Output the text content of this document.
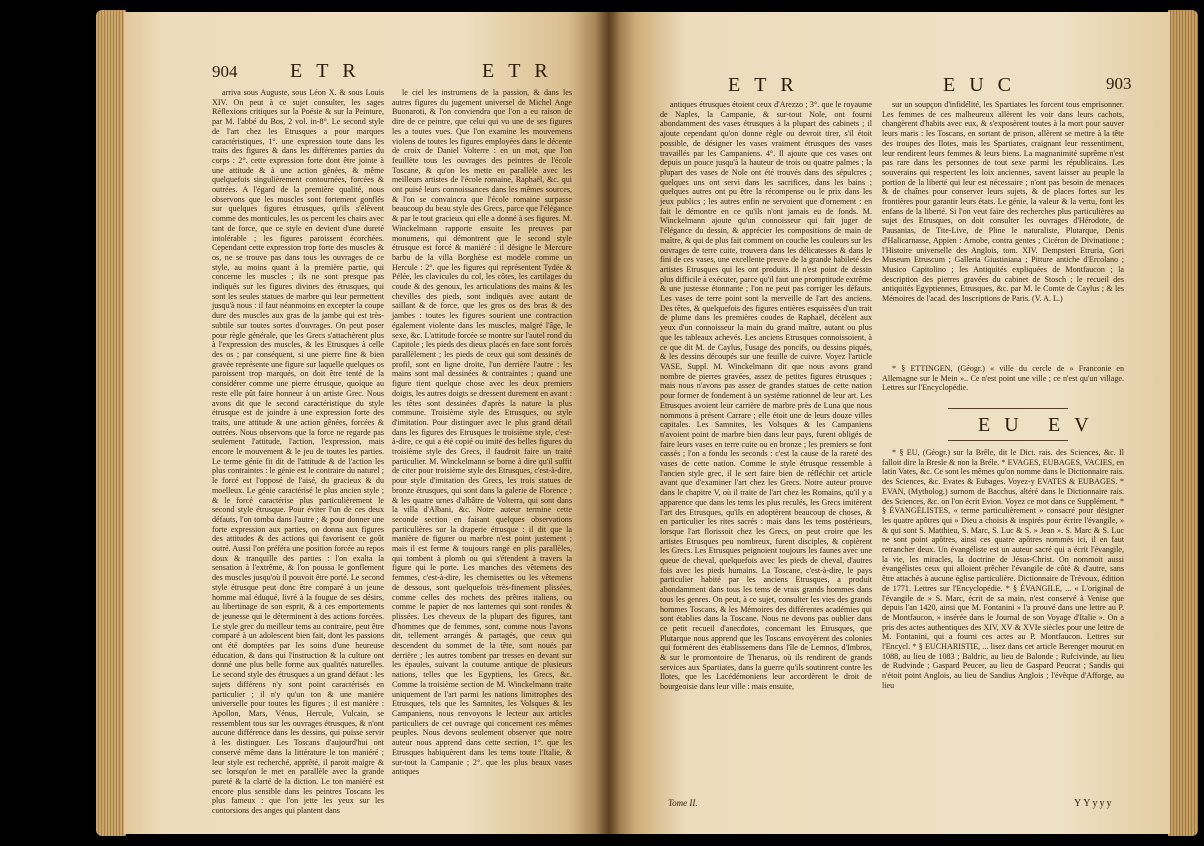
904	ETR	ETR

arriva sous Auguste, sous Léon X. & sous Louis XIV. On peut à ce sujet consulter, les sages Réflexions critiques sur la Poésie & sur la Peinture, par M. l'abbé du Bos, 2 vol. in-8°. Le second style de l'art chez les Etrusques a pour marques caractéristiques, 1°. une expression toute dans les traits des figures & dans les différentes parties du corps : 2°. cette expression forte dont être jointe à une attitude & à une action gênées, & même quelquefois singulièrement contournées, forcées & outrées. A l'égard de la première qualité, nous observons que les muscles sont fortement gonflés sur quelques figures étrusques, qu'ils s'élèvent comme des monticules, les os percent les chairs avec tant de force, que ce style en devient d'une dureté intolérable ; les figures paroissent écorchées. Cependant cette expression trop forte des muscles & os, ne se trouve pas dans tous les ouvrages de ce style, au moins quant à la première partie, qui concerne les muscles ; ils ne sont presque pas indiqués sur les figures divines des étrusques, qui sont les seules statues de marbre qui leur permettent jusqu'à nous : il faut néanmoins en excepter la coupe dure des muscles aux gras de la jambe qui est très-subtile sur toutes sortes d'ouvrages. On peut poser pour règle générale, que les Grecs s'attachèrent plus à l'expression des muscles, & les Etrusques à celle des os ; par conséquent, si une pierre fine & bien gravée représente une figure sur laquelle quelques os paroissent trop marqués, on doit être tenté de la considérer comme une pierre étrusque, quoique au reste elle pût faire honneur à un artiste Grec. Nous avons dit que le second caractéristique du style étrusque est de joindre à une expression forte des traits, une attitude & une action gênées, forcées & outrées. Nous observons que la force ne regarde pas seulement l'attitude, l'action, l'expression, mais encore le mouvement & le jeu de toutes les parties. Le terme génie fit dit de l'attitude & de l'action les plus contraintes : le génie est le contraire du naturel ; le forcé est l'opposé de l'aisé, du gracieux & du moelleux. Le génie caractérisé le plus ancien style ; & le forcé caractérise plus particulièrement le second style étrusque. Pour éviter l'un de ces deux défauts, l'on tomba dans l'autre ; & pour donner une forte expression aux parties, on donna aux figures des attitudes & des actions qui favorisent ce goût outré. Aussi l'on préféra une position forcée au repos doux & tranquille des parties : l'on exalta la sensation à l'extrême, & l'on poussa le gonflement des muscles jusqu'où il pouvoit être porté. Le second style étrusque peut donc être comparé à un jeune homme mal éduqué, livré à la fougue de ses désirs, au libertinage de son esprit, & à ces emportements de jeunesse qui le déterminent à des actions forcées. Le style grec du meilleur tems au contraire, peut être comparé à un adolescent bien fait, dont les passions ont été domptées par les soins d'une heureuse éducation, & dans qui l'instruction & la culture ont donné une plus belle forme aux qualités naturelles. Le second style des étrusques a un grand défaut : les sujets différens n'y sont point caractérisés en particulier ; il n'y qu'un ton & une manière universelle pour toutes les figures ; il est manière : Apollon, Mars, Vénus, Hercule, Vulcain, se ressemblent tous sur les ouvrages étrusques, & n'ont aucune différence dans les dessins, qui puisse servir à les distinguer. Les Toscans d'aujourd'hui ont conservé même dans la littérature le ton maniéré ; leur style est recherché, apprêté, il paroit maigre & sec lorsqu'on le met en parallèle avec la grande pureté & la clarté de la diction. Le ton maniéré est encore plus sensible dans les peintres Toscans les plus fameux : que l'on jette les yeux sur les contorsions des anges qui plantent dans

le ciel les instrumens de la passion, & dans les autres figures du jugement universel de Michel Ange Buonaroti, & l'on conviendra que l'on a eu raison de dire de ce peintre, que celui qui vu une de ses figures les a toutes vues. Que l'on examine les mouvemens violens de toutes les figures employées dans le décente de croix de Daniel Volterre : en un mot, que l'on feuillète tous les ouvrages des peintres de l'école Toscane, & qu'on les mette en parallèle avec les meilleurs artistes de l'école romaine, Raphaël, &c. qui ont puisé leurs connoissances dans les mêmes sources, & l'on se convaincra que l'école romaine surpasse beaucoup du beau style des Grecs, parce que l'élégance & par le tout gracieux qui elle a donné à ses figures. M. Winckelmann rapporte ensuite les preuves par monumens, qui démontrent que le second style étrusque est forcé & maniéré : il désigne le Mercure barbu de la villa Borghèse est modèle comme un Hercule : 2°. que les figures qui représentent Tydée & Pélée, les clavicules du col, les côtes, les cartilages du coude & des genoux, les articulations des mains & les chevilles des pieds, sont indiqués avec autant de saillant & de force, que les gros os des bras & des jambes : toutes les figures sourient une contraction également violente dans les muscles, malgré l'âge, le sexe, &c. L'attitude forcée se montre sur l'autel rond du Capitole ; les pieds des dieux placés en face sont forcés parallèlement ; les pieds de ceux qui sont dessinés de profil, sont en ligne droite, l'un derrière l'autre : les mains sont mal dessinées & contraintes ; quand une figure tient quelque chose avec les deux premiers doigts, les autres doigts se dressent durement en avant : les têtes sont dessinées d'après la nature la plus commune. Troisième style des Etrusques, ou style d'imitation. Pour distinguer avec le plus grand détail dans les figures des Etrusques le troisième style, c'est-à-dire, ce qui a été copié ou imité des belles figures du troisième style des Grecs, il faudroit faire un traité particulier. M. Winckelmann se borne à dire qu'il suffit de citer pour troisième style des Etrusques, c'est-à-dire, pour style d'imitation des Grecs, les trois statues de bronze étrusques, qui sont dans la galerie de Florence ; & les quatre urnes d'albâtre de Volterra, qui sont dans la villa d'Albani, &c. Notre auteur termine cette seconde section en faisant quelques observations particulières sur la draperie étrusque : il dit que la manière de figurer ou marbre n'est point justement ; mais il est ferme & toujours rangé en plis parallèles, qui tombent à plomb ou qui s'étendent à travers la figure qui le porte. Les manches des vêtemens des femmes, c'est-à-dire, les chemisettes ou les vêtemens de dessous, sont quelquefois très-finement plissées, comme celles des rochets des prêtres italiens, ou comme le papier de nos lanternes qui sont rondes & plissées. Les cheveux de la plupart des figures, tant d'hommes que de femmes, sont, comme nous l'avons dit, tellement arrangés & partagés, que ceux qui descendent du sommet de la tête, sont noués par derrière ; les autres tombent par tresses en devant sur les épaules, suivant la coutume antique de plusieurs nations, telles que les Egyptiens, les Grecs, &c. Comme la troisième section de M. Winckelmann traite uniquement de l'art parmi les nations limitrophes des Etrusques, tels que les Samnites, les Volsques & les Campaniens, nous renvoyons le lecteur aux articles particuliers de cet ouvrage qui concernent ces mêmes peuples. Nous devons seulement observer que notre auteur nous apprend dans cette section, 1°. que les Etrusques habiquèrent dans les tems toute l'Italie, & sur-tout la Campanie ; 2°. que les plus beaux vases antiques

ETR	EUC	903

antiques étrusques étoient ceux d'Arezzo ; 3°. que le royaume de Naples, la Campanie, & sur-tout Nole, ont fourni abondamment des vases étrusques à la plupart des cabinets ; il ajoute cependant qu'on donne règle ou devroit tirer, s'il étoit possible, de désigner les vases vraiment étrusques des vases travaillés par les Campaniens. 4°. Il ajoute que ces vases ont depuis un pouce jusqu'à la hauteur de trois ou quatre palmes ; la plupart des vases de Nole ont été trouvés dans des sépulcres ; quelques uns ont servi dans les sacrifices, dans les bains ; quelques autres ont pu être la récompense ou le prix dans les jeux publics ; les autres enfin ne servoient que d'ornement : en fait le démontre en ce qu'ils n'ont jamais eu de fonds. M. Winckelmann ajoute qu'un connoisseur qui fait juger de l'élégance du dessin, & apprécier les compositions de main de maître, & qui de plus fait comment on couche les couleurs sur les ouvrages de terre cuite, trouvera dans les délicatesses & dans le fini de ces vases, une excellente preuve de la grande habileté des artistes Etrusques qui les ont produits. Il n'est point de dessin plus difficile à exécuter, parce qu'il faut une promptitude extrême & une justesse étonnante ; l'on ne peut pas corriger les défauts. Les vases de terre point sont la merveille de l'art des anciens. Des têtes, & quelquefois des figures entières esquissées d'un trait de plume dans les premières coudes de Raphaël, décèlent aux yeux d'un connoisseur la main du grand maître, autant ou plus que les tableaux achevés. Les anciens Etrusques connoissoient, à ce que dit M. de Caylus, l'usage des poncifs, ou dessins piqués, & les dessins découpés sur une feuille de cuivre. Voyez l'article VASE, Suppl. M. Winckelmann dit que nous avons grand nombre de pierres gravées, assez de petites figures étrusques ; mais nous n'avons pas assez de grandes statues de cette nation pour former de fondement à un système rationnel de leur art. Les Etrusques avoient leur carrière de marbre près de Luna que nous nommons à présent Carrare ; elle étoit une de leurs douze villes capitales. Les Samnites, les Volsques & les Campaniens n'avoient point de marbre bien dans leur pays, furent obligés de faire leurs vases en terre cuite ou en bronze ; les premiers se font cassés ; l'on a fondu les seconds : c'est la cause de la rareté des vases de cette nation. Comme le style étrusque ressemble à l'ancien style grec, il le sert faire bien de réfléchir cet article avant que d'examiner l'art chez les Grecs. Notre auteur prouve dans le chapitre V, où il traite de l'art chez les Romains, qu'il y a apparence que dans les tems les plus reculés, les Grecs imitèrent l'art des Etrusques, qu'ils en adoptèrent beaucoup de choses, & en particulier les rites sacrés : mais dans les tems postérieurs, lorsque l'art florissoit chez les Grecs, on peut croire que les artistes Etrusques peu nombreux, furent disciples, & copièrent les Grecs. Les Etrusques peignoient toujours les faunes avec une queue de cheval, quelquefois avec les pieds de cheval, d'autres fois avec les pieds humains. La Toscane, c'est-à-dire, le pays particulier habité par les anciens Etrusques, a produit abondamment dans tous les tems de vrais grands hommes dans tous les genres. On peut, à ce sujet, consulter les vies des grands hommes Toscans, & les Mémoires des différentes académies qui sont établies dans la Toscane. Nous ne devons pas oublier dans ce petit recueil d'anecdotes, concernant les Etrusques, que Plutarque nous apprend que les Toscans envoyèrent des colonies qui formèrent des établissemens dans l'île de Lemnos, d'Imbros, & sur le promontoire de Thenarus, où ils rendirent de grands services aux Spartiates, dans la guerre qu'ils soutinrent contre les Ilotes, que les Lacédémoniens leur accordèrent le droit de bourgeoisie dans leur ville : mais ensuite,

Tome II.

sur un soupçon d'infidélité, les Spartiates les forcent tous emprisonner. Les femmes de ces malheureux allèrent les voir dans leurs cachots, changèrent d'habits avec eux, & s'exposèrent toutes à la mort pour sauver leurs maris : les Toscans, en sortant de prison, allèrent se mettre à la tête des troupes des Ilotes, mais les Spartiates, craignant leur ressentiment, leur rendirent leurs femmes & leurs biens. La magnanimité suprême n'est pas rare dans les personnes de tout sexe parmi les républicains. Les souverains qui respectent les loix anciennes, savent laisser au peuple la portion de la liberté qui leur est nécessaire ; n'ont pas besoin de menaces & de chaînes pour conserver leurs sujets, & de places fortes sur les frontières pour garantir leurs états. Le génie, la valeur & la vertu, font les enfans de la liberté. Si l'on veut faire des recherches plus particulières au sujet des Etrusques, on doit consulter les ouvrages d'Hérodote, de Pausanias, de Tite-Live, de Pline le naturaliste, Plutarque, Denis d'Halicarnasse, Appien : Arnobe, contra gentes ; Cicéron de Divinatione ; l'Histoire universelle des Anglois, tom. XIV. Dempsteri Etruria, Gori Museum Etruscum ; Galleria Giustiniana ; Pitture antiche d'Ercolano ; Musico Capitolino ; les Antiquités expliquées de Montfaucon ; la description des pierres gravées du cabinet de Stosch ; le recueil des antiquités Egyptiennes, Etrusques, &c. par M. le Comte de Caylus ; & les Mémoires de l'acad. des Inscriptions de Paris. (V. A. L.)

* § ETTINGEN, (Géogr.) « ville du cercle de » Franconie en Allemagne sur le Mein ».. Ce n'est point une ville ; ce n'est qu'un village. Lettres sur l'Encyclopédie.

EU EV

* § EU, (Géogr.) sur la Brêle, dit le Dict. rais. des Sciences, &c. Il falloit dire la Bresle & non la Bréle. * EVAGES, EUBAGES, VACIES, en latin Vates, &c. Ce sont les mêmes qu'on nomme dans le Dictionnaire rais. des Sciences, &c. Evates & Eubages. Voyez-y EVATES & EUBAGES. * EVAN, (Mytholog.) surnom de Bacchus, altéré dans le Dictionnaire rais. des Sciences, &c. on l'on écrit Evion. Voyez ce mot dans ce Supplément. * § ÉVANGÉLISTES, « terme particulièrement » consacré pour désigner les quatre apôtres qui » Dieu a choisis & inspirés pour écrire l'évangile, » & qui sont S. Matthieu, S. Marc, S. Luc & S. » Jean ». S. Marc & S. Luc ne sont point apôtres, ainsi ces quatre apôtres nommés ici, il en faut retrancher deux. Un évangéliste est un auteur sacré qui a écrit l'évangile, la vie, les miracles, la doctrine de Jésus-Christ. On nommoit aussi évangélistes ceux qui alloient prêcher l'évangile de côté & d'autre, sans être attachés à aucune église particulière. Dictionnaire de Trévoux, édition de 1771. Lettres sur l'Encyclopédie. * § ÉVANGILE, ... « L'original de l'évangile de » S. Marc, écrit de sa main, n'est conservé à Venise que depuis l'an 1420, ainsi que M. Fontanini » l'a prouvé dans une lettre au P. de Montfaucon, » insérée dans le Journal de son Voyage d'Italie ». On a pris des actes authentiques des XIV, XV & XVIe siècles pour une lettre de M. Fontanini, qui a fourni ces actes au P. Montfaucon. Lettres sur l'Encycl. * § EUCHARISTIE, ... lisez dans cet article Berenger mourut en 1088, au lieu de 1083 ; Baldric, au lieu de Balonde ; Rufcivinde, au lieu de Rudvinde ; Gaspard Peucer, au lieu de Gaspard Peucrat ; Sandis qui n'étoit point Anglois, au lieu de Sandius Anglois ; l'évêque d'Afforge, au lieu

YYyyy
